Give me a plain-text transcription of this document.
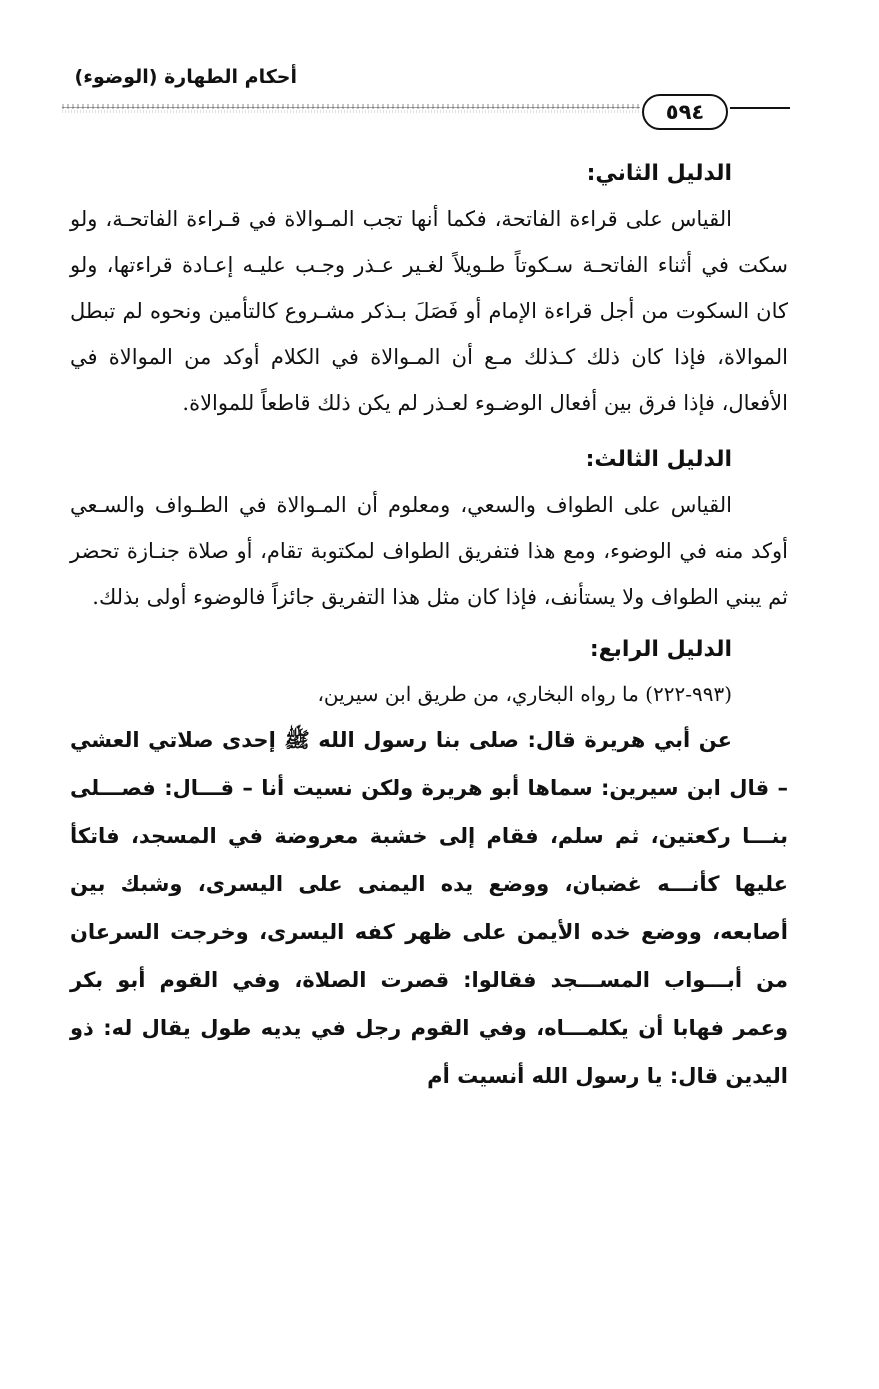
أحكام الطهارة (الوضوء)
٥٩٤
الدليل الثاني:

القياس على قراءة الفاتحة، فكما أنها تجب المـوالاة في قـراءة الفاتحـة، ولو سكت في أثناء الفاتحـة سـكوتاً طـويلاً لغـير عـذر وجـب عليـه إعـادة قراءتها، ولو كان السكوت من أجل قراءة الإمام أو فَصَلَ بـذكر مشـروع كالتأمين ونحوه لم تبطل الموالاة، فإذا كان ذلك كـذلك مـع أن المـوالاة في الكلام أوكد من الموالاة في الأفعال، فإذا فرق بين أفعال الوضـوء لعـذر لم يكن ذلك قاطعاً للموالاة.

الدليل الثالث:

القياس على الطواف والسعي، ومعلوم أن المـوالاة في الطـواف والسـعي أوكد منه في الوضوء، ومع هذا فتفريق الطواف لمكتوبة تقام، أو صلاة جنـازة تحضر ثم يبني الطواف ولا يستأنف، فإذا كان مثل هذا التفريق جائزاً فالوضوء أولى بذلك.

الدليل الرابع:
(٩٩٣-٢٢٢) ما رواه البخاري، من طريق ابن سيرين،

عن أبي هريرة قال: صلى بنا رسول الله ﷺ إحدى صلاتي العشي – قال ابن سيرين: سماها أبو هريرة ولكن نسيت أنا – قـــال: فصـــلى بنـــا ركعتين، ثم سلم، فقام إلى خشبة معروضة في المسجد، فاتكأ عليها كأنـــه غضبان، ووضع يده اليمنى على اليسرى، وشبك بين أصابعه، ووضع خده الأيمن على ظهر كفه اليسرى، وخرجت السرعان من أبـــواب المســـجد فقالوا: قصرت الصلاة، وفي القوم أبو بكر وعمر فهابا أن يكلمـــاه، وفي القوم رجل في يديه طول يقال له: ذو اليدين قال: يا رسول الله أنسيت أم
